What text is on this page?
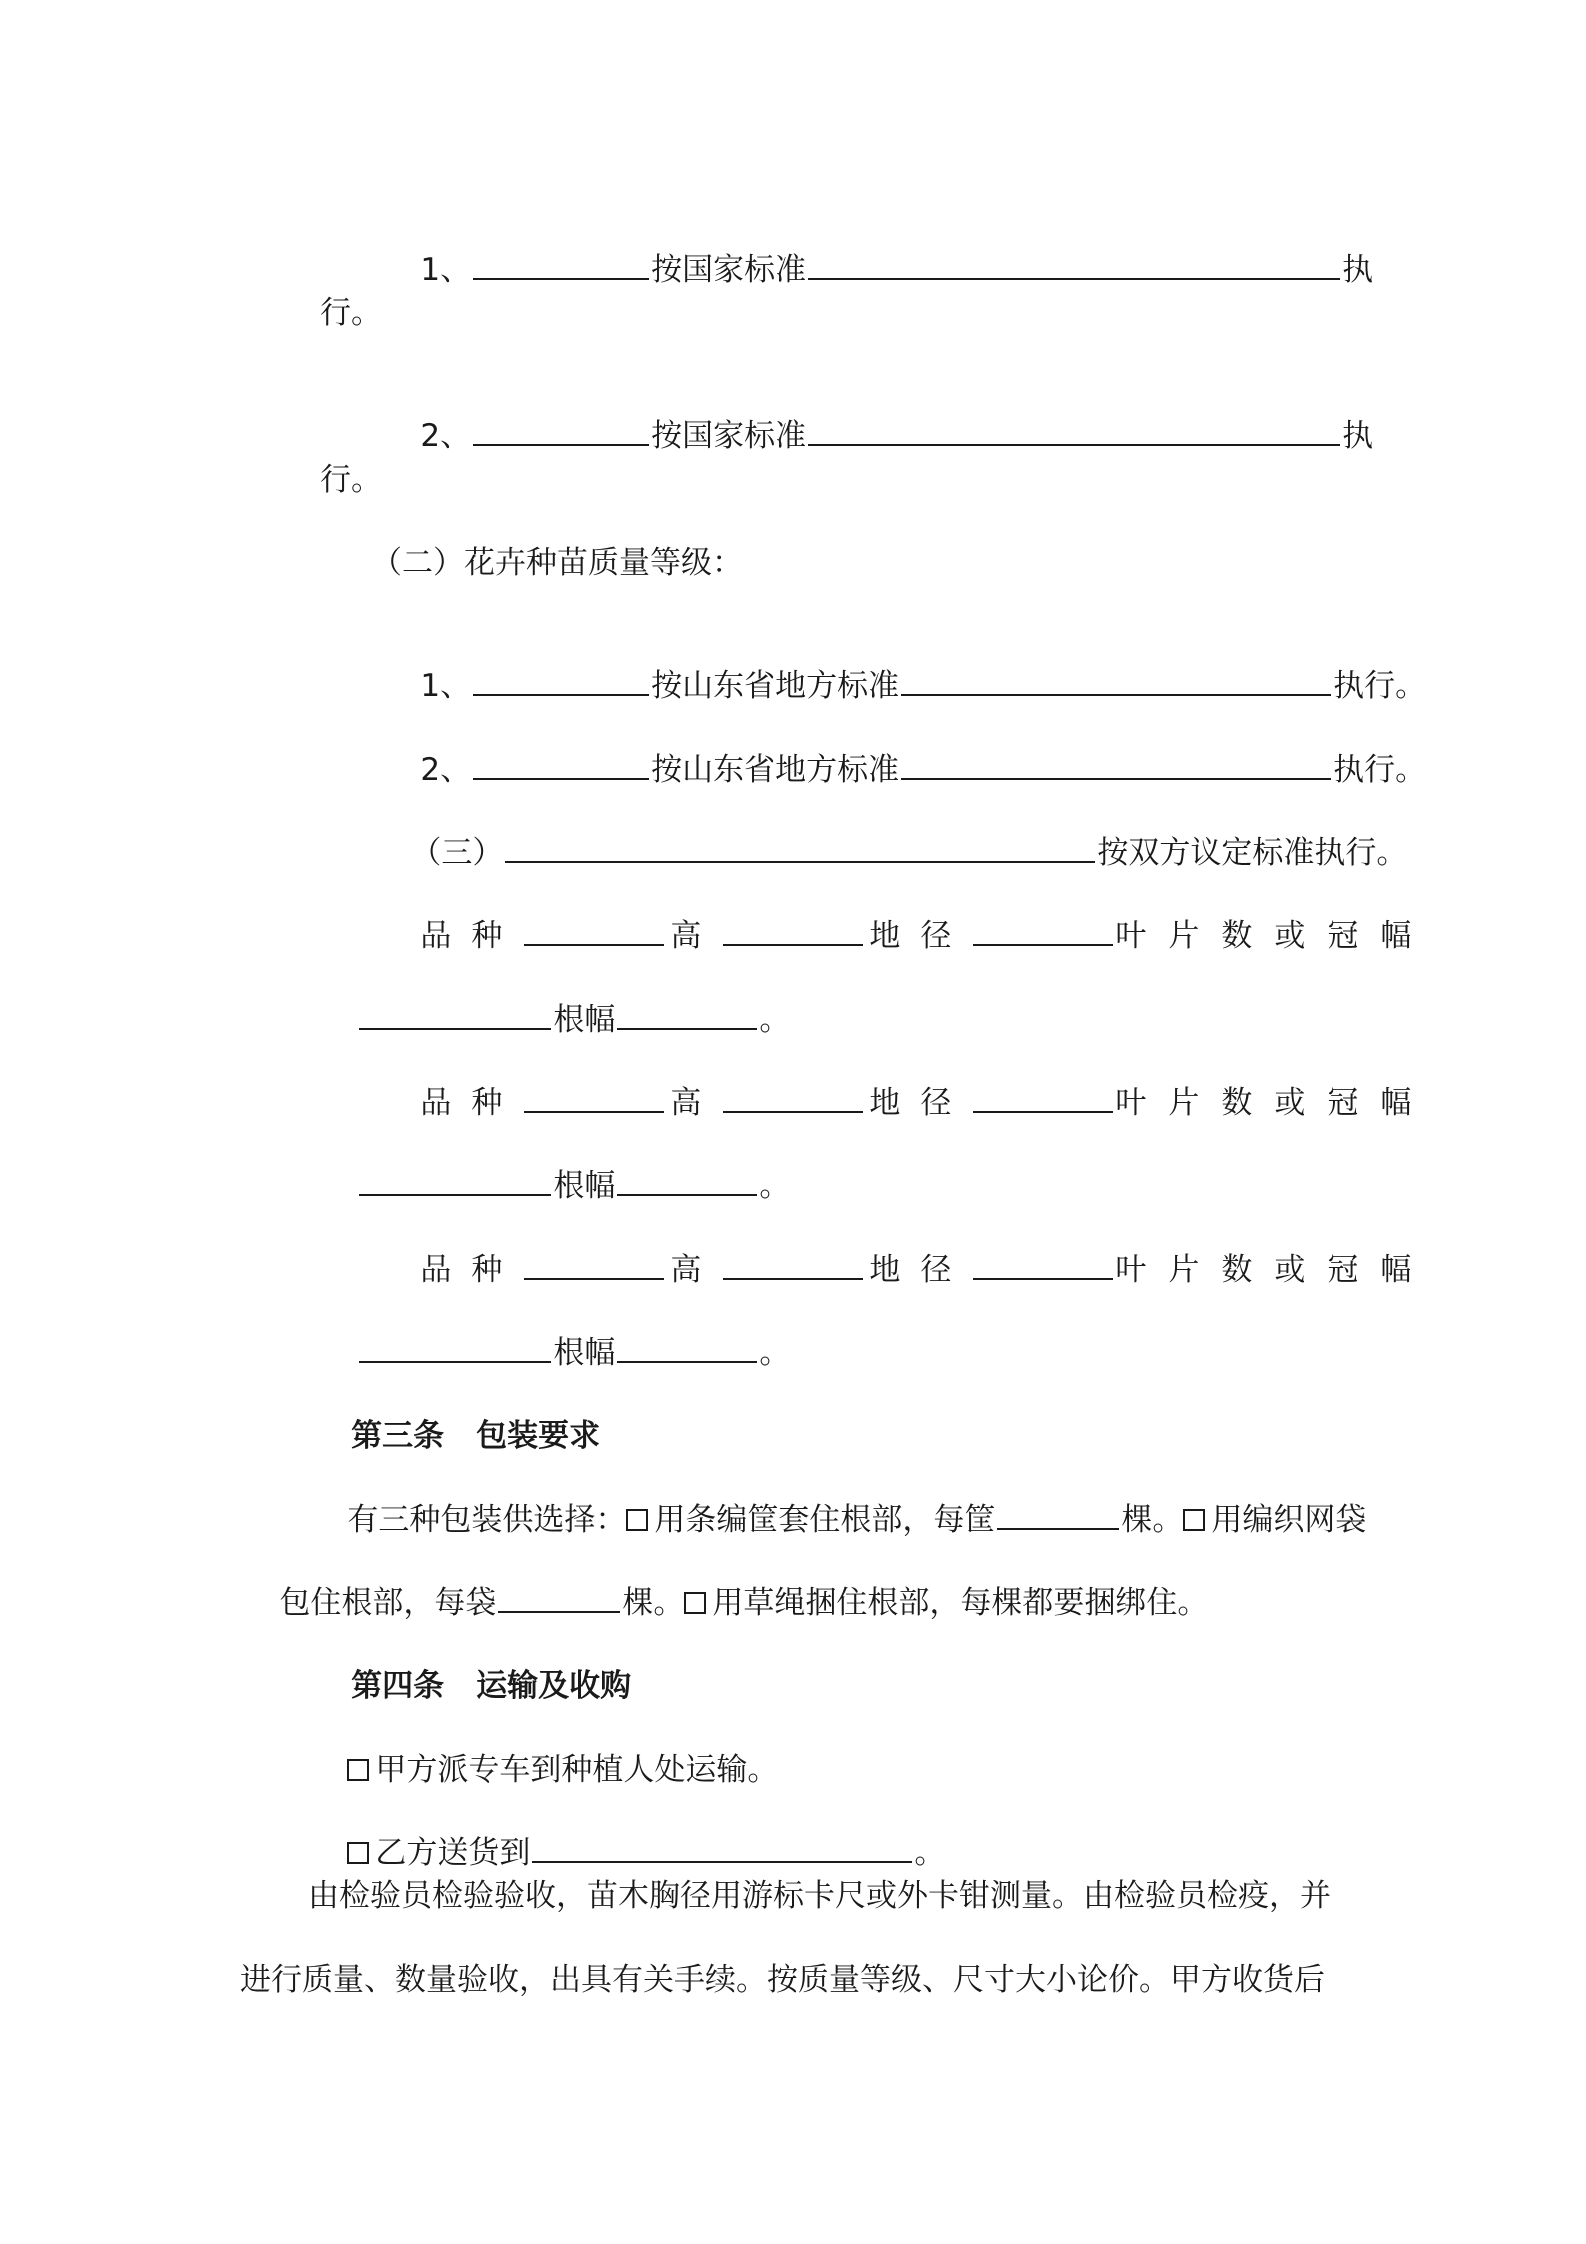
1、	按国家标准	执

行。

2、	按国家标准	执

行。
（二）花卉种苗质量等级：

1、	按山东省地方标准	执行。

2、	按山东省地方标准	执行。

（三）	按双方议定标准执行。

品种	高	地径	叶片数或冠幅

根幅	。

品种	高	地径	叶片数或冠幅

根幅	。

品种	高	地径	叶片数或冠幅

根幅	。

第三条 包装要求

有三种包装供选择： 用条编筐套住根部，每筐	棵。 用编织网袋

包住根部，每袋	棵。 用草绳捆住根部，每棵都要捆绑住。

第四条 运输及收购

甲方派专车到种植人处运输。

乙方送货到	。

由检验员检验验收，苗木胸径用游标卡尺或外卡钳测量。由检验员检疫，并
进行质量、数量验收，出具有关手续。按质量等级、尺寸大小论价。甲方收货后
